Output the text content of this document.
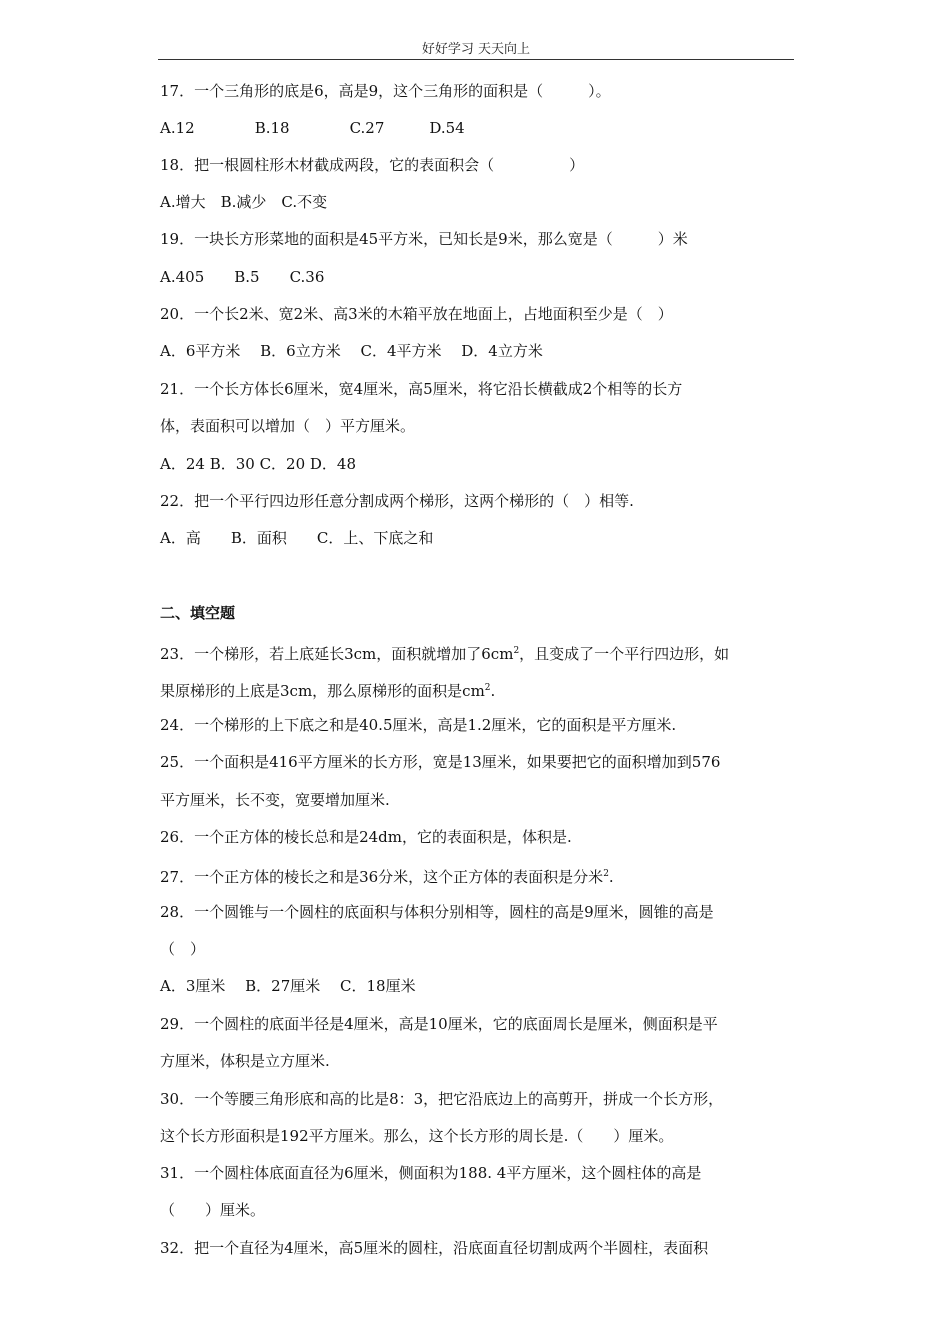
好好学习 天天向上
17．一个三角形的底是6，高是9，这个三角形的面积是（　　　）。
A.12　　　　B.18　　　　C.27　　　D.54
18．把一根圆柱形木材截成两段，它的表面积会（　　　　　）
A.增大　B.减少　C.不变
19．一块长方形菜地的面积是45平方米，已知长是9米，那么宽是（　　　）米
A.405　　B.5　　C.36
20．一个长2米、宽2米、高3米的木箱平放在地面上，占地面积至少是（　）
A．6平方米　 B．6立方米　 C．4平方米　 D．4立方米
21．一个长方体长6厘米，宽4厘米，高5厘米，将它沿长横截成2个相等的长方
体，表面积可以增加（　）平方厘米。
A．24 B．30 C．20 D．48
22．把一个平行四边形任意分割成两个梯形，这两个梯形的（　）相等.
A．高　　B．面积　　C．上、下底之和
二、填空题
23．一个梯形，若上底延长3cm，面积就增加了$6cm^2$，且变成了一个平行四边形，如
果原梯形的上底是3cm，那么原梯形的面积是$cm^2$.
24．一个梯形的上下底之和是40.5厘米，高是1.2厘米，它的面积是平方厘米.
25．一个面积是416平方厘米的长方形，宽是13厘米，如果要把它的面积增加到576
平方厘米，长不变，宽要增加厘米.
26．一个正方体的棱长总和是24dm，它的表面积是，体积是.
27．一个正方体的棱长之和是36分米，这个正方体的表面积是分米$^2$.
28．一个圆锥与一个圆柱的底面积与体积分别相等，圆柱的高是9厘米，圆锥的高是
（　）
A．3厘米　 B．27厘米　 C．18厘米
29．一个圆柱的底面半径是4厘米，高是10厘米，它的底面周长是厘米，侧面积是平
方厘米，体积是立方厘米.
30．一个等腰三角形底和高的比是8：3，把它沿底边上的高剪开，拼成一个长方形，
这个长方形面积是192平方厘米。那么，这个长方形的周长是.（　　）厘米。
31．一个圆柱体底面直径为6厘米，侧面积为188. 4平方厘米，这个圆柱体的高是
（　　）厘米。
32．把一个直径为4厘米，高5厘米的圆柱，沿底面直径切割成两个半圆柱，表面积
